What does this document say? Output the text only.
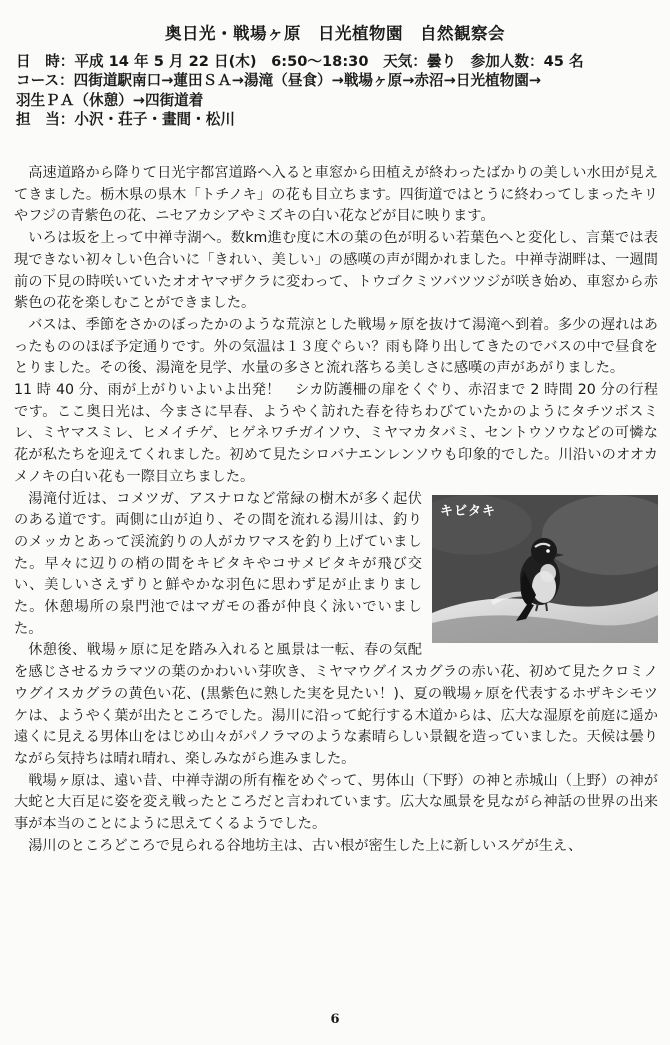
奥日光・戦場ヶ原　日光植物園　自然観察会
日　時：平成 14 年 5 月 22 日(木)　6:50～18:30　天気：曇り　参加人数：45 名
コース：四街道駅南口→蓮田ＳＡ→湯滝（昼食）→戦場ヶ原→赤沼→日光植物園→
羽生ＰＡ（休憩）→四街道着
担　当：小沢・荘子・畫間・松川

高速道路から降りて日光宇都宮道路へ入ると車窓から田植えが終わったばかりの美しい水田が見えてきました。栃木県の県木「トチノキ」の花も目立ちます。四街道ではとうに終わってしまったキリやフジの青紫色の花、ニセアカシアやミズキの白い花などが目に映ります。

いろは坂を上って中禅寺湖へ。数km進む度に木の葉の色が明るい若葉色へと変化し、言葉では表現できない初々しい色合いに「きれい、美しい」の感嘆の声が聞かれました。中禅寺湖畔は、一週間前の下見の時咲いていたオオヤマザクラに変わって、トウゴクミツバツツジが咲き始め、車窓から赤紫色の花を楽しむことができました。

バスは、季節をさかのぼったかのような荒涼とした戦場ヶ原を抜けて湯滝へ到着。多少の遅れはあったもののほぼ予定通りです。外の気温は１３度ぐらい？雨も降り出してきたのでバスの中で昼食をとりました。その後、湯滝を見学、水量の多さと流れ落ちる美しさに感嘆の声があがりました。

11 時 40 分、雨が上がりいよいよ出発！　シカ防護柵の扉をくぐり、赤沼まで 2 時間 20 分の行程です。ここ奥日光は、今まさに早春、ようやく訪れた春を待ちわびていたかのようにタチツボスミレ、ミヤマスミレ、ヒメイチゲ、ヒゲネワチガイソウ、ミヤマカタバミ、セントウソウなどの可憐な花が私たちを迎えてくれました。初めて見たシロバナエンレンソウも印象的でした。川沿いのオオカメノキの白い花も一際目立ちました。

キビタキ

湯滝付近は、コメツガ、アスナロなど常緑の樹木が多く起伏のある道です。両側に山が迫り、その間を流れる湯川は、釣りのメッカとあって渓流釣りの人がカワマスを釣り上げていました。早々に辺りの梢の間をキビタキやコサメビタキが飛び交い、美しいさえずりと鮮やかな羽色に思わず足が止まりました。休憩場所の泉門池ではマガモの番が仲良く泳いでいました。

休憩後、戦場ヶ原に足を踏み入れると風景は一転、春の気配を感じさせるカラマツの葉のかわいい芽吹き、ミヤマウグイスカグラの赤い花、初めて見たクロミノウグイスカグラの黄色い花、(黒紫色に熟した実を見たい！)、夏の戦場ヶ原を代表するホザキシモツケは、ようやく葉が出たところでした。湯川に沿って蛇行する木道からは、広大な湿原を前庭に遥か遠くに見える男体山をはじめ山々がパノラマのような素晴らしい景観を造っていました。天候は曇りながら気持ちは晴れ晴れ、楽しみながら進みました。

戦場ヶ原は、遠い昔、中禅寺湖の所有権をめぐって、男体山（下野）の神と赤城山（上野）の神が大蛇と大百足に姿を変え戦ったところだと言われています。広大な風景を見ながら神話の世界の出来事が本当のことにように思えてくるようでした。

湯川のところどころで見られる谷地坊主は、古い根が密生した上に新しいスゲが生え、

6
